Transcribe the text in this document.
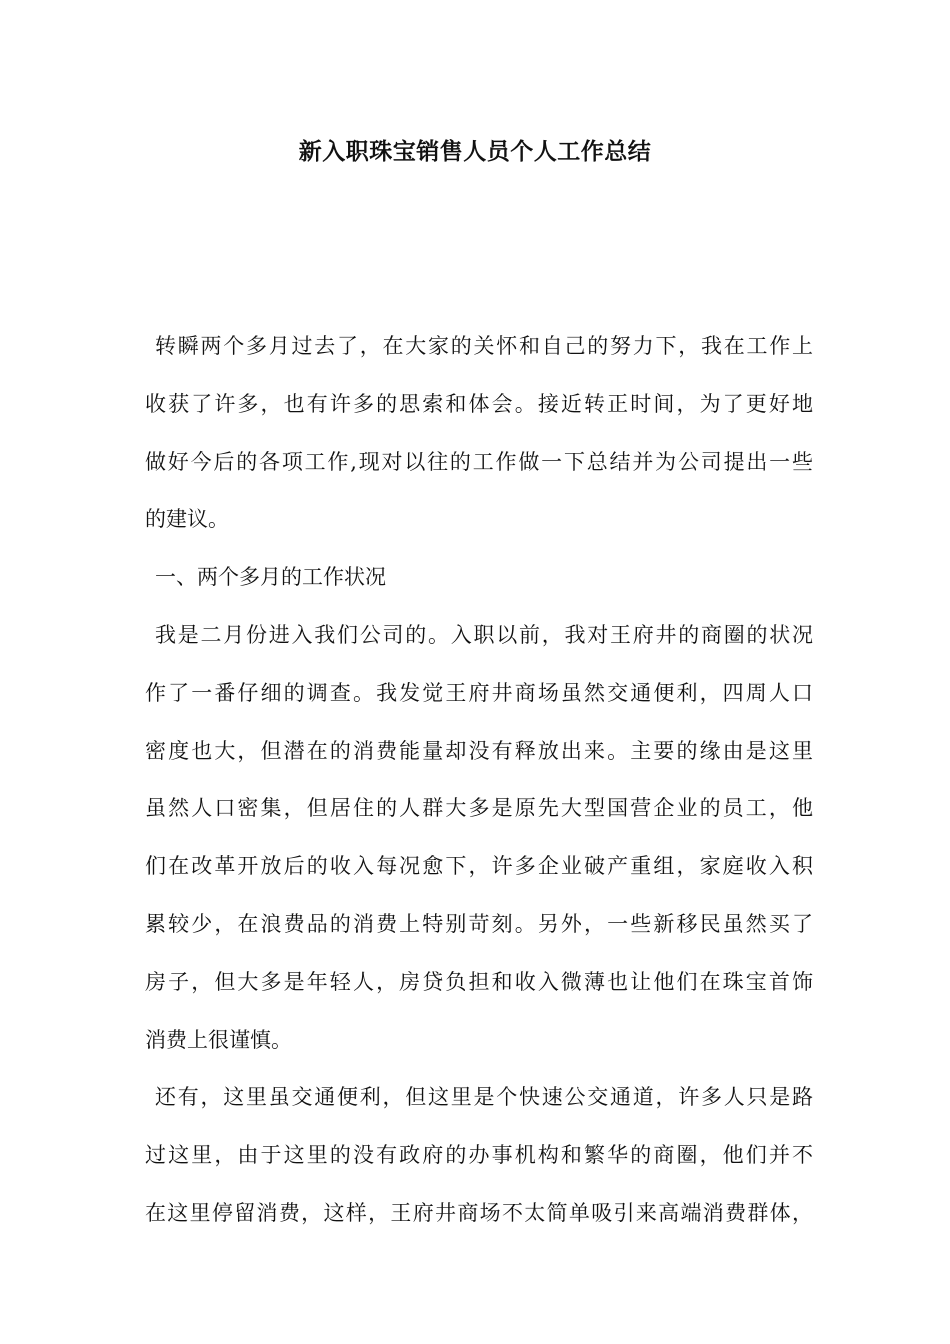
新入职珠宝销售人员个人工作总结
转瞬两个多月过去了，在大家的关怀和自己的努力下，我在工作上
收获了许多，也有许多的思索和体会。接近转正时间，为了更好地
做好今后的各项工作,现对以往的工作做一下总结并为公司提出一些
的建议。
一、两个多月的工作状况
我是二月份进入我们公司的。入职以前，我对王府井的商圈的状况
作了一番仔细的调查。我发觉王府井商场虽然交通便利，四周人口
密度也大，但潜在的消费能量却没有释放出来。主要的缘由是这里
虽然人口密集，但居住的人群大多是原先大型国营企业的员工，他
们在改革开放后的收入每况愈下，许多企业破产重组，家庭收入积
累较少，在浪费品的消费上特别苛刻。另外，一些新移民虽然买了
房子，但大多是年轻人，房贷负担和收入微薄也让他们在珠宝首饰
消费上很谨慎。
还有，这里虽交通便利，但这里是个快速公交通道，许多人只是路
过这里，由于这里的没有政府的办事机构和繁华的商圈，他们并不
在这里停留消费，这样，王府井商场不太简单吸引来高端消费群体，
